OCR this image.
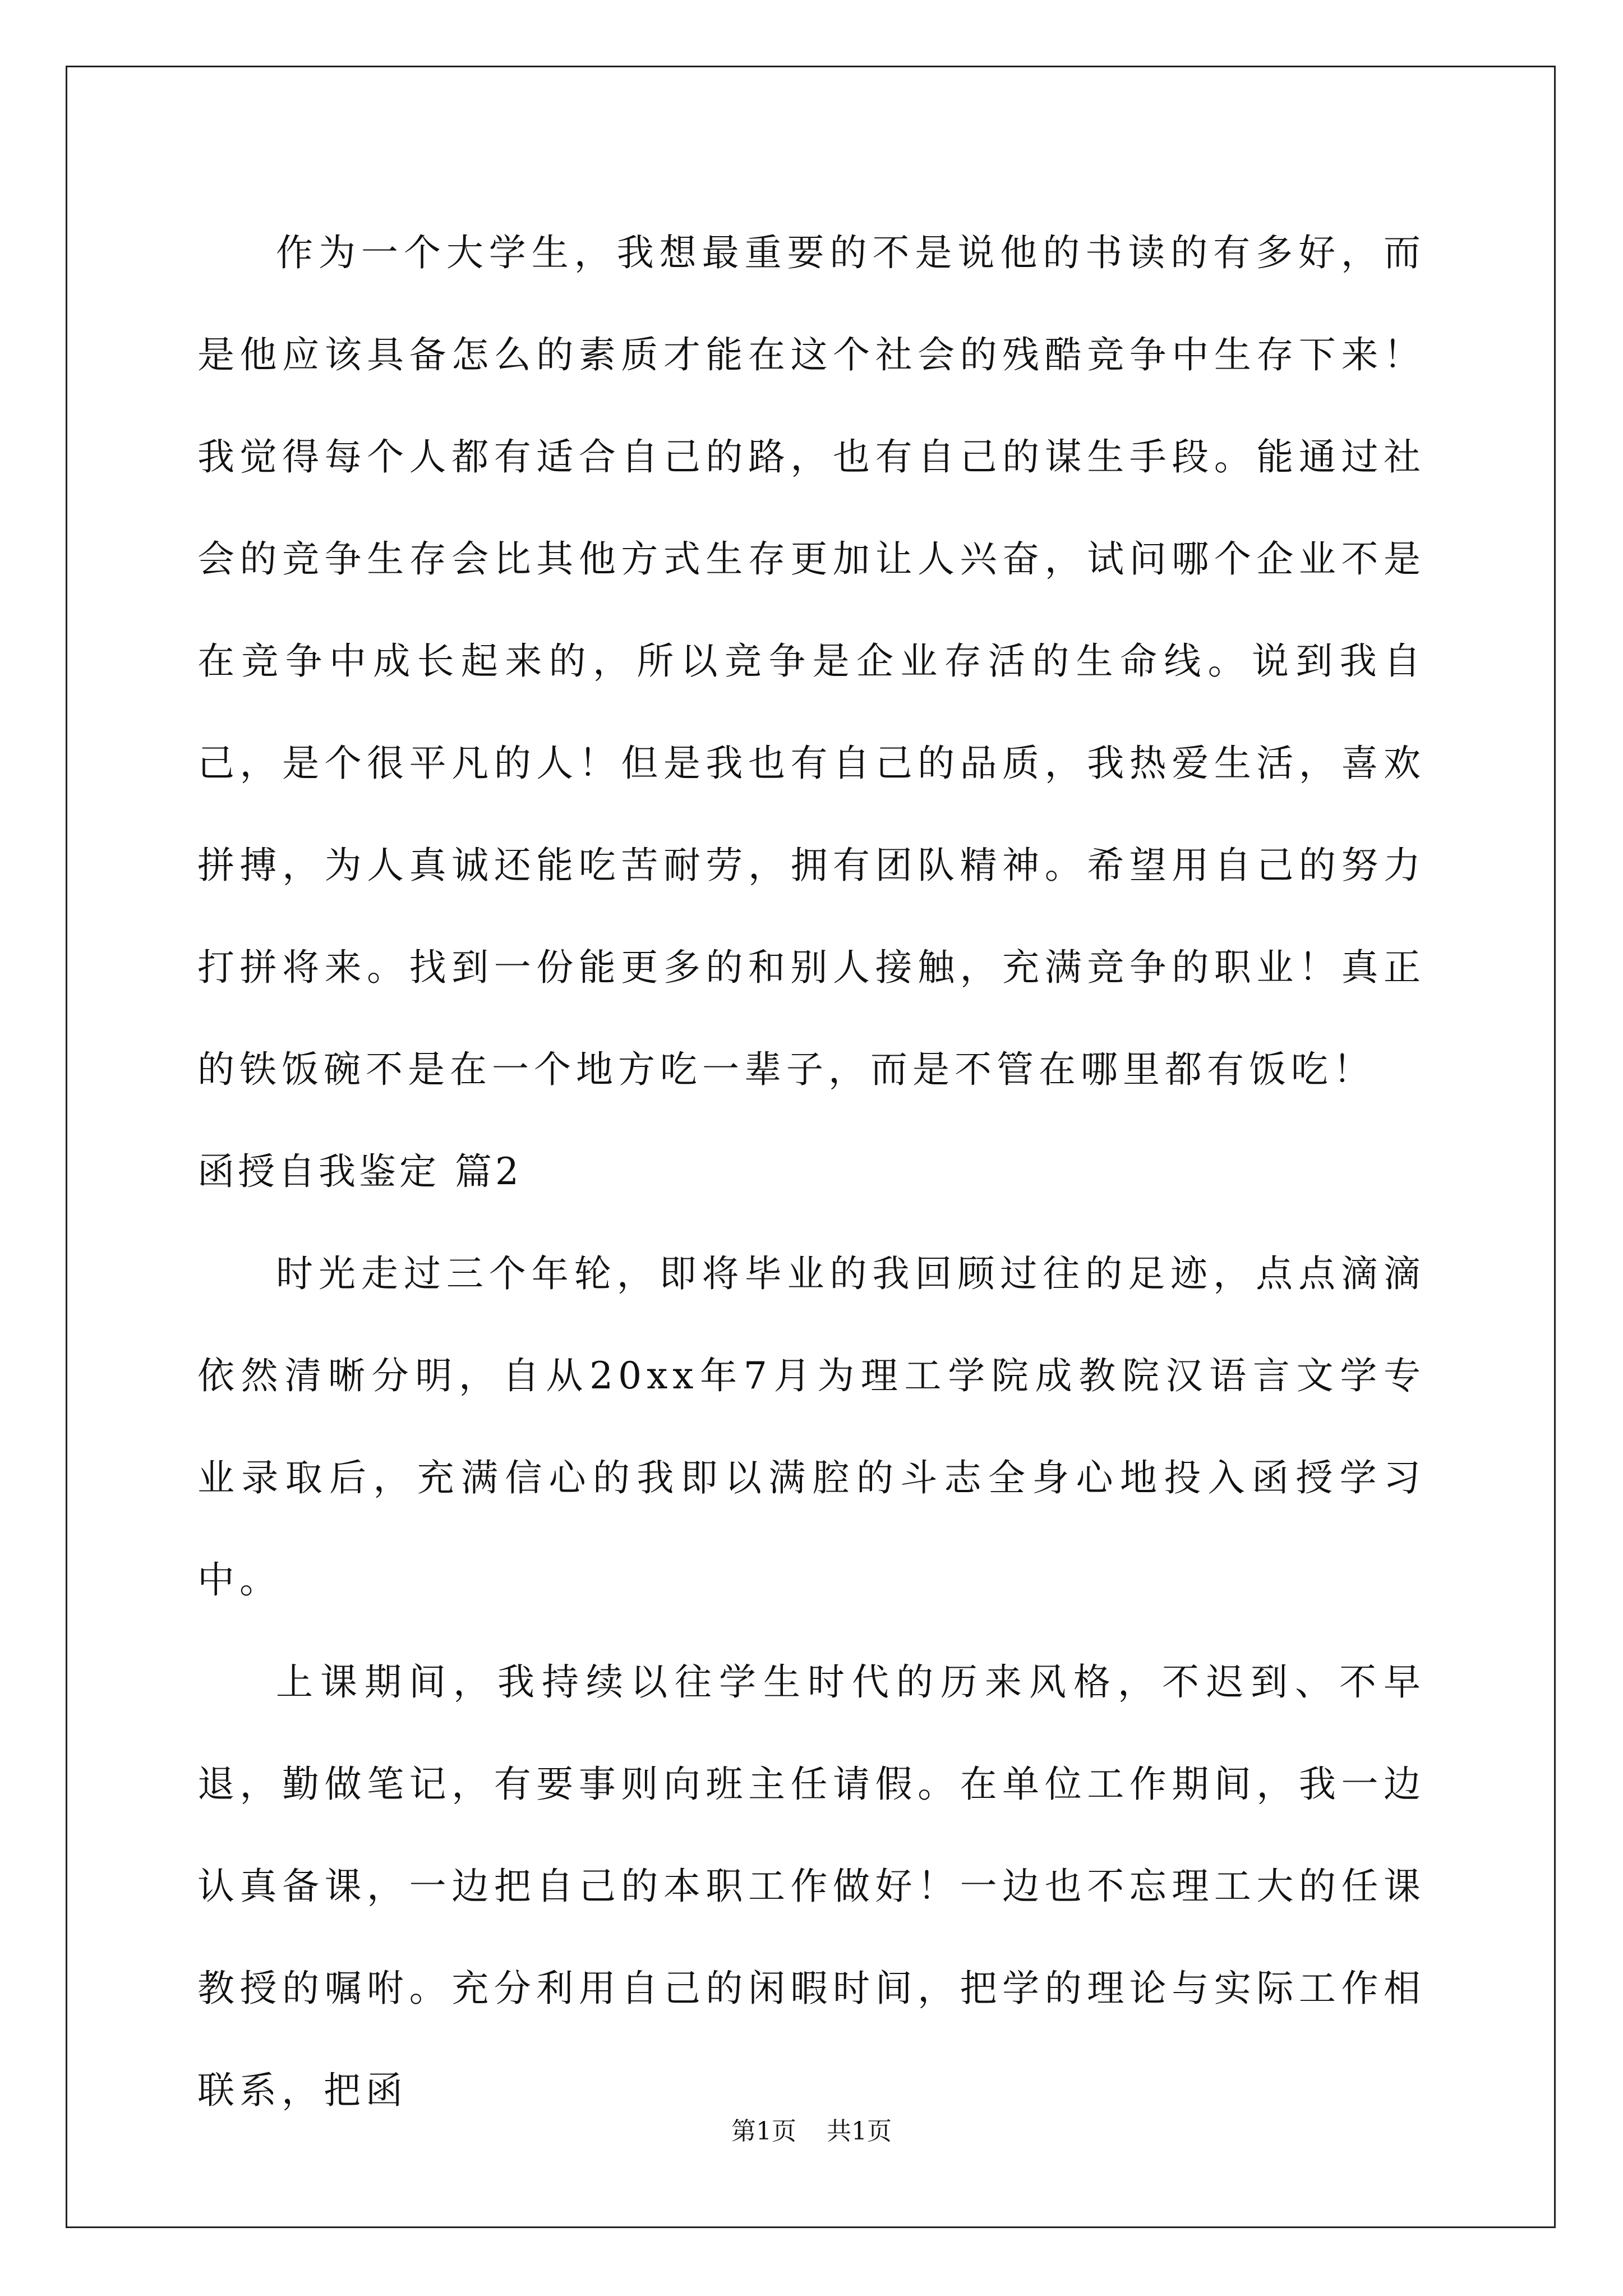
作为一个大学生，我想最重要的不是说他的书读的有多好，而是他应该具备怎么的素质才能在这个社会的残酷竞争中生存下来！我觉得每个人都有适合自己的路，也有自己的谋生手段。能通过社会的竞争生存会比其他方式生存更加让人兴奋，试问哪个企业不是在竞争中成长起来的，所以竞争是企业存活的生命线。说到我自己，是个很平凡的人！但是我也有自己的品质，我热爱生活，喜欢拼搏，为人真诚还能吃苦耐劳，拥有团队精神。希望用自己的努力打拼将来。找到一份能更多的和别人接触，充满竞争的职业！真正的铁饭碗不是在一个地方吃一辈子，而是不管在哪里都有饭吃！

函授自我鉴定 篇2

时光走过三个年轮，即将毕业的我回顾过往的足迹，点点滴滴依然清晰分明，自从20xx年7月为理工学院成教院汉语言文学专业录取后，充满信心的我即以满腔的斗志全身心地投入函授学习中。

上课期间，我持续以往学生时代的历来风格，不迟到、不早退，勤做笔记，有要事则向班主任请假。在单位工作期间，我一边认真备课，一边把自己的本职工作做好！一边也不忘理工大的任课教授的嘱咐。充分利用自己的闲暇时间，把学的理论与实际工作相联系，把函

第1页 共1页
